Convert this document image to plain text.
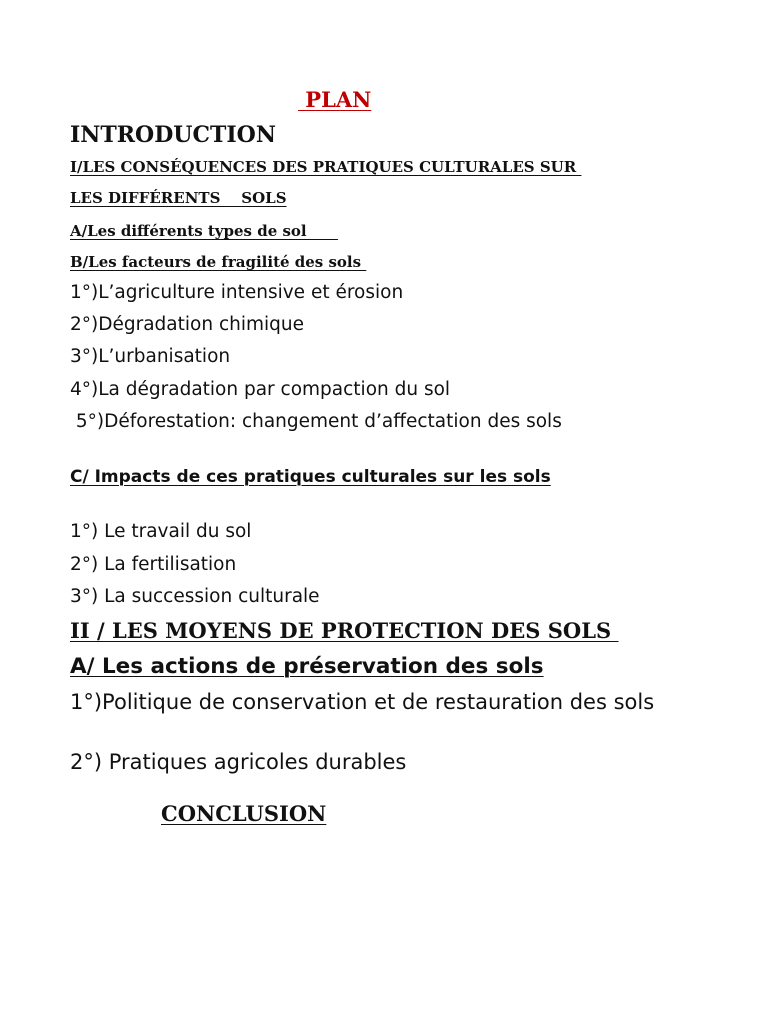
PLAN
INTRODUCTION
I/LES CONSÉQUENCES DES PRATIQUES CULTURALES SUR
LES DIFFÉRENTS    SOLS
A/Les différents types de sol
B/Les facteurs de fragilité des sols
1°)L’agriculture intensive et érosion
2°)Dégradation chimique
3°)L’urbanisation
4°)La dégradation par compaction du sol
5°)Déforestation: changement d’affectation des sols
C/ Impacts de ces pratiques culturales sur les sols
1°) Le travail du sol
2°) La fertilisation
3°) La succession culturale
II / LES MOYENS DE PROTECTION DES SOLS
A/ Les actions de préservation des sols
1°)Politique de conservation et de restauration des sols
2°) Pratiques agricoles durables
CONCLUSION
